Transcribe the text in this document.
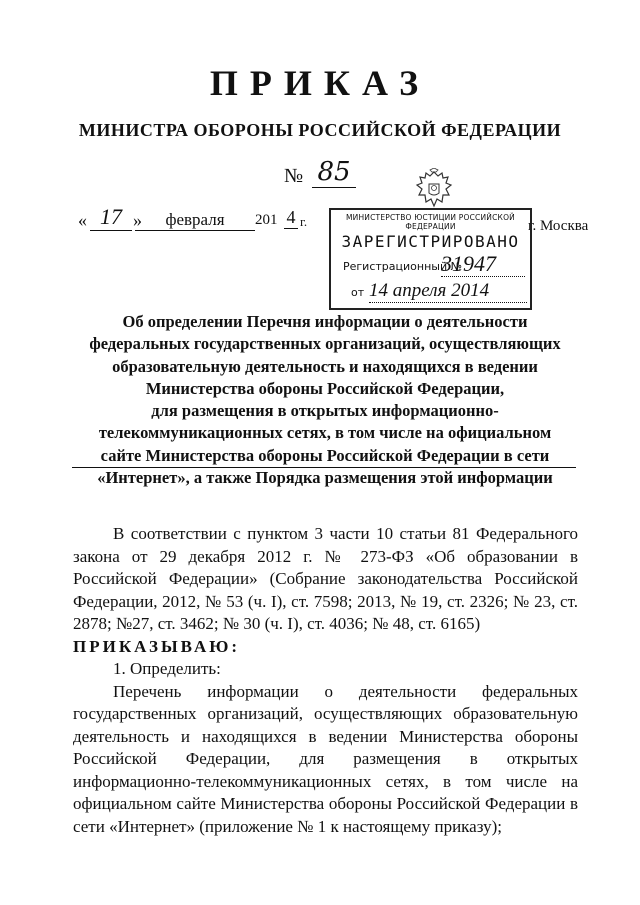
ПРИКАЗ
МИНИСТРА ОБОРОНЫ РОССИЙСКОЙ ФЕДЕРАЦИИ
№ 85
« 17 »	февраля	201 4 г.	г. Москва
МИНИСТЕРСТВО ЮСТИЦИИ РОССИЙСКОЙ ФЕДЕРАЦИИ
ЗАРЕГИСТРИРОВАНО
Регистрационный №
31947
от 14 апреля 2014
Об определении Перечня информации о деятельности
федеральных государственных организаций, осуществляющих
образовательную деятельность и находящихся в ведении
Министерства обороны Российской Федерации,
для размещения в открытых информационно-
телекоммуникационных сетях, в том числе на официальном
сайте Министерства обороны Российской Федерации в сети
«Интернет», а также Порядка размещения этой информации

В соответствии с пунктом 3 части 10 статьи 81 Федерального закона от 29 декабря 2012 г. № 273-ФЗ «Об образовании в Российской Федерации» (Собрание законодательства Российской Федерации, 2012, № 53 (ч. I), ст. 7598; 2013, № 19, ст. 2326; № 23, ст. 2878; №27, ст. 3462; № 30 (ч. I), ст. 4036; № 48, ст. 6165)

ПРИКАЗЫВАЮ:

1. Определить:

Перечень информации о деятельности федеральных государственных организаций, осуществляющих образовательную деятельность и находящихся в ведении Министерства обороны Российской Федерации, для размещения в открытых информационно-телекоммуникационных сетях, в том числе на официальном сайте Министерства обороны Российской Федерации в сети «Интернет» (приложение № 1 к настоящему приказу);
